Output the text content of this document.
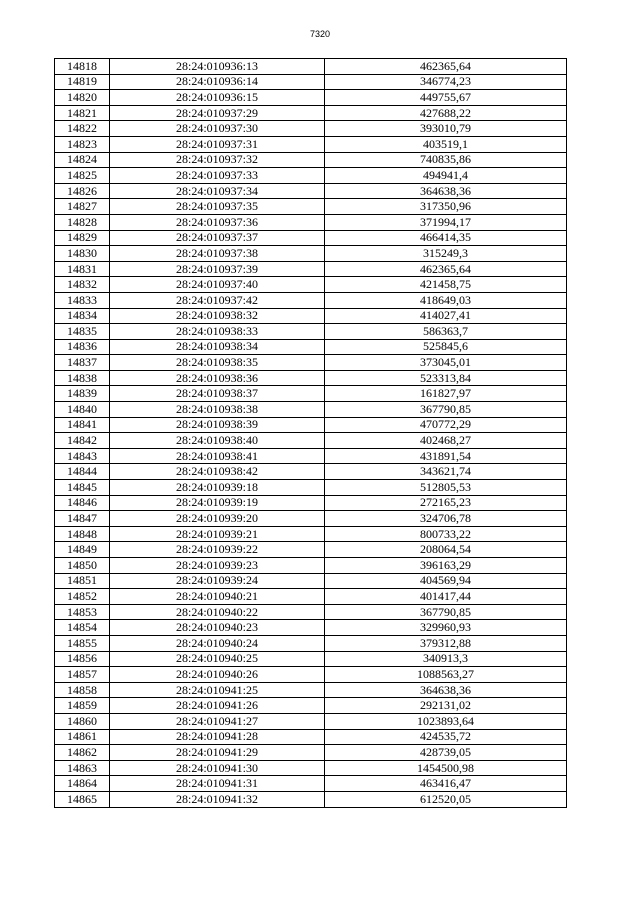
7320
14818	28:24:010936:13	462365,64
14819	28:24:010936:14	346774,23
14820	28:24:010936:15	449755,67
14821	28:24:010937:29	427688,22
14822	28:24:010937:30	393010,79
14823	28:24:010937:31	403519,1
14824	28:24:010937:32	740835,86
14825	28:24:010937:33	494941,4
14826	28:24:010937:34	364638,36
14827	28:24:010937:35	317350,96
14828	28:24:010937:36	371994,17
14829	28:24:010937:37	466414,35
14830	28:24:010937:38	315249,3
14831	28:24:010937:39	462365,64
14832	28:24:010937:40	421458,75
14833	28:24:010937:42	418649,03
14834	28:24:010938:32	414027,41
14835	28:24:010938:33	586363,7
14836	28:24:010938:34	525845,6
14837	28:24:010938:35	373045,01
14838	28:24:010938:36	523313,84
14839	28:24:010938:37	161827,97
14840	28:24:010938:38	367790,85
14841	28:24:010938:39	470772,29
14842	28:24:010938:40	402468,27
14843	28:24:010938:41	431891,54
14844	28:24:010938:42	343621,74
14845	28:24:010939:18	512805,53
14846	28:24:010939:19	272165,23
14847	28:24:010939:20	324706,78
14848	28:24:010939:21	800733,22
14849	28:24:010939:22	208064,54
14850	28:24:010939:23	396163,29
14851	28:24:010939:24	404569,94
14852	28:24:010940:21	401417,44
14853	28:24:010940:22	367790,85
14854	28:24:010940:23	329960,93
14855	28:24:010940:24	379312,88
14856	28:24:010940:25	340913,3
14857	28:24:010940:26	1088563,27
14858	28:24:010941:25	364638,36
14859	28:24:010941:26	292131,02
14860	28:24:010941:27	1023893,64
14861	28:24:010941:28	424535,72
14862	28:24:010941:29	428739,05
14863	28:24:010941:30	1454500,98
14864	28:24:010941:31	463416,47
14865	28:24:010941:32	612520,05
